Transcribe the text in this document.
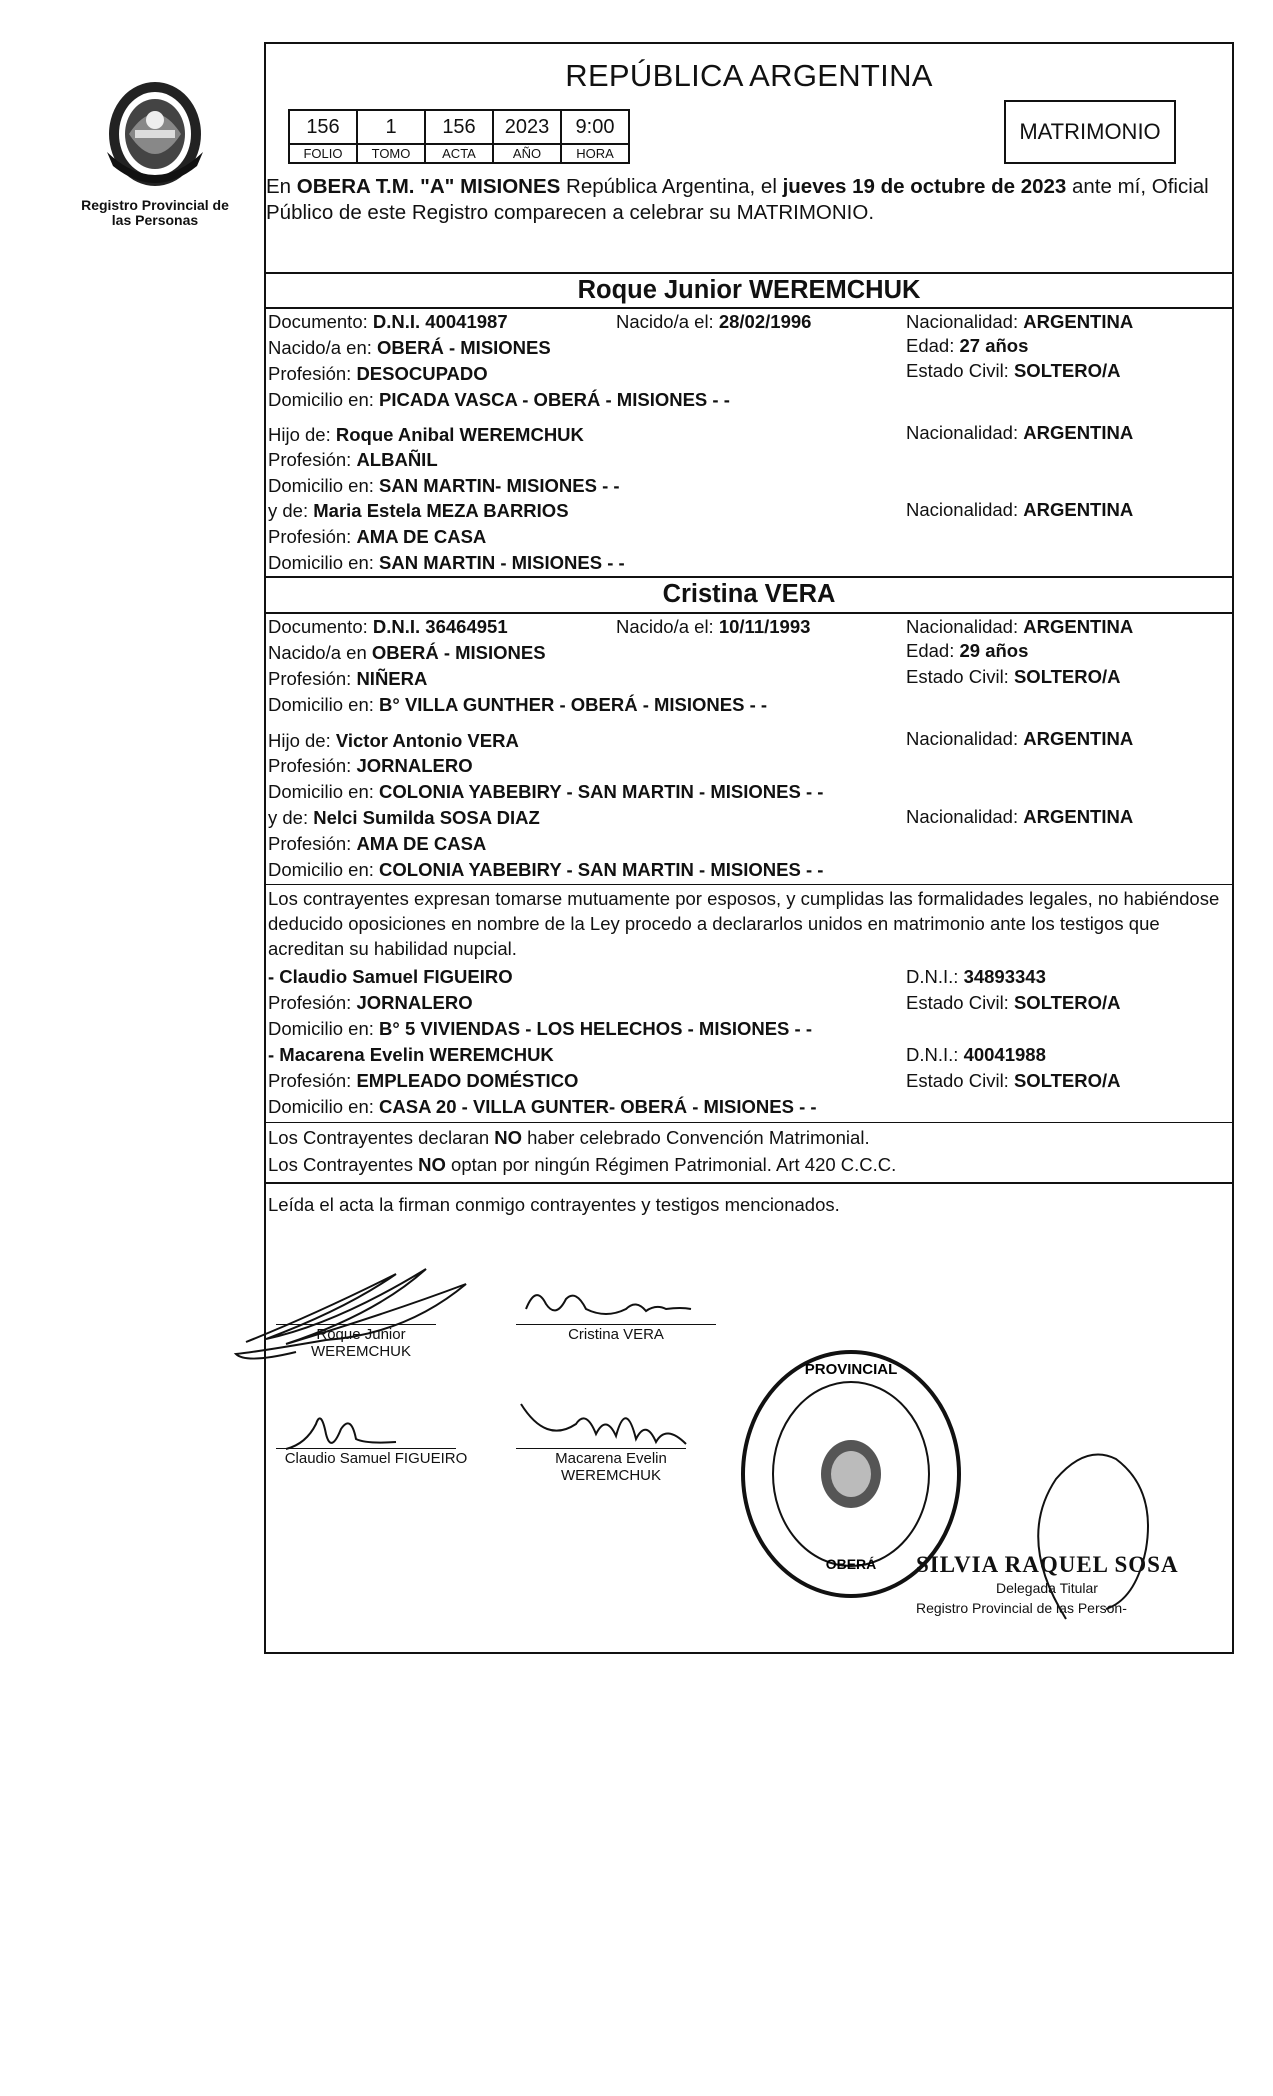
Registro Provincial de las Personas
REPÚBLICA ARGENTINA
156	1	156	2023	9:00
FOLIO	TOMO	ACTA	AÑO	HORA
MATRIMONIO
En OBERA T.M. "A" MISIONES República Argentina, el jueves 19 de octubre de 2023 ante mí, Oficial Público de este Registro comparecen a celebrar su MATRIMONIO.
Roque Junior WEREMCHUK
Documento: D.N.I. 40041987	Nacido/a el: 28/02/1996	Nacionalidad: ARGENTINA
Nacido/a en: OBERÁ - MISIONES	Edad: 27 años
Profesión: DESOCUPADO	Estado Civil: SOLTERO/A
Domicilio en: PICADA VASCA - OBERÁ - MISIONES - -
Hijo de: Roque Anibal WEREMCHUK	Nacionalidad: ARGENTINA
Profesión: ALBAÑIL
Domicilio en: SAN MARTIN- MISIONES - -
y de: Maria Estela MEZA BARRIOS	Nacionalidad: ARGENTINA
Profesión: AMA DE CASA
Domicilio en: SAN MARTIN - MISIONES - -
Cristina VERA
Documento: D.N.I. 36464951	Nacido/a el: 10/11/1993	Nacionalidad: ARGENTINA
Nacido/a en OBERÁ - MISIONES	Edad: 29 años
Profesión: NIÑERA	Estado Civil: SOLTERO/A
Domicilio en: B° VILLA GUNTHER - OBERÁ - MISIONES - -
Hijo de: Victor Antonio VERA	Nacionalidad: ARGENTINA
Profesión: JORNALERO
Domicilio en: COLONIA YABEBIRY - SAN MARTIN - MISIONES - -
y de: Nelci Sumilda SOSA DIAZ	Nacionalidad: ARGENTINA
Profesión: AMA DE CASA
Domicilio en: COLONIA YABEBIRY - SAN MARTIN - MISIONES - -
Los contrayentes expresan tomarse mutuamente por esposos, y cumplidas las formalidades legales, no habiéndose deducido oposiciones en nombre de la Ley procedo a declararlos unidos en matrimonio ante los testigos que acreditan su habilidad nupcial.
- Claudio Samuel FIGUEIRO	D.N.I.: 34893343
Profesión: JORNALERO	Estado Civil: SOLTERO/A
Domicilio en: B° 5 VIVIENDAS - LOS HELECHOS - MISIONES - -
- Macarena Evelin WEREMCHUK	D.N.I.: 40041988
Profesión: EMPLEADO DOMÉSTICO	Estado Civil: SOLTERO/A
Domicilio en: CASA 20 - VILLA GUNTER- OBERÁ - MISIONES - -
Los Contrayentes declaran NO haber celebrado Convención Matrimonial.
Los Contrayentes NO optan por ningún Régimen Patrimonial. Art 420 C.C.C.
Leída el acta la firman conmigo contrayentes y testigos mencionados.
Roque Junior
WEREMCHUK
Cristina VERA
Claudio Samuel FIGUEIRO	Macarena Evelin
WEREMCHUK
PROVINCIAL
OBERÁ SILVIA RAQUEL SOSA
Delegada Titular
Registro Provincial de las Person-
